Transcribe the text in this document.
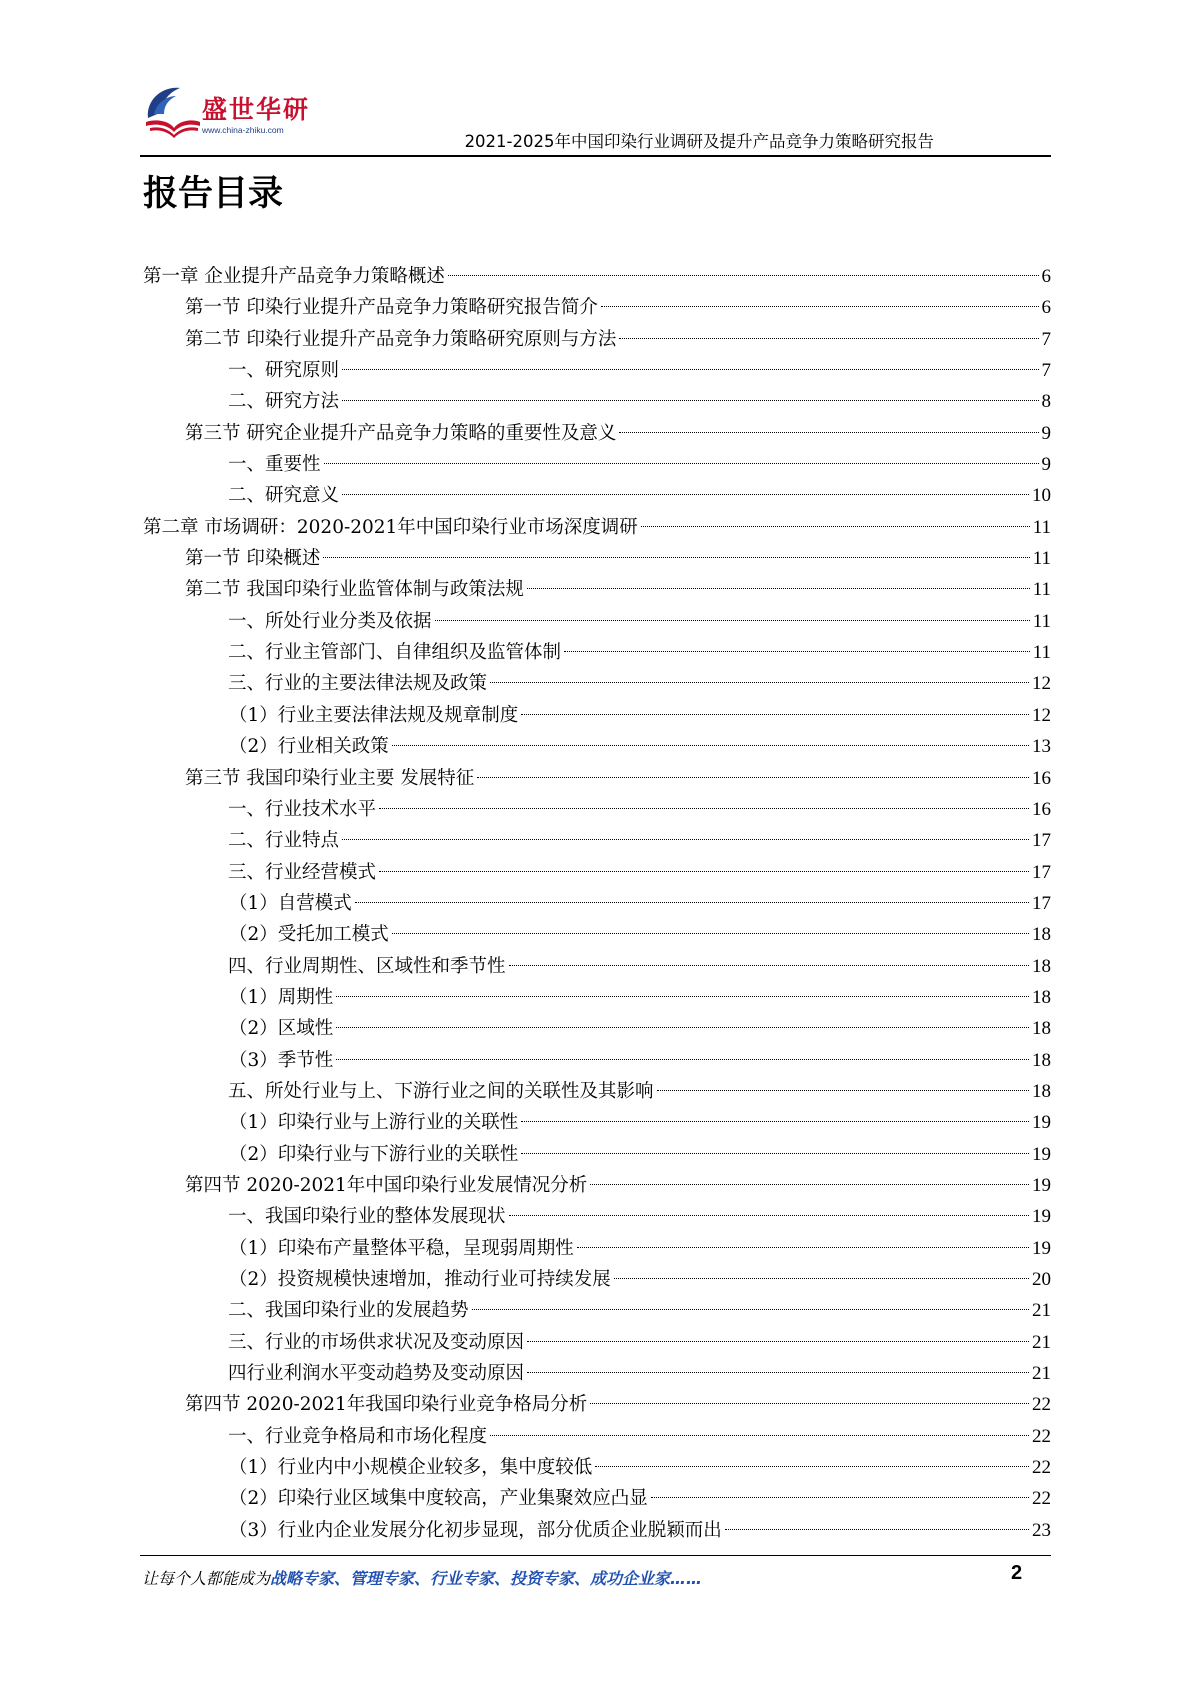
盛世华研
www.china-zhiku.com
2021-2025年中国印染行业调研及提升产品竞争力策略研究报告
报告目录
第一章 企业提升产品竞争力策略概述	6
第一节 印染行业提升产品竞争力策略研究报告简介	6
第二节 印染行业提升产品竞争力策略研究原则与方法	7
一、研究原则	7
二、研究方法	8
第三节 研究企业提升产品竞争力策略的重要性及意义	9
一、重要性	9
二、研究意义	10
第二章 市场调研：2020-2021年中国印染行业市场深度调研	11
第一节 印染概述	11
第二节 我国印染行业监管体制与政策法规	11
一、所处行业分类及依据	11
二、行业主管部门、自律组织及监管体制	11
三、行业的主要法律法规及政策	12
（1）行业主要法律法规及规章制度	12
（2）行业相关政策	13
第三节 我国印染行业主要 发展特征	16
一、行业技术水平	16
二、行业特点	17
三、行业经营模式	17
（1）自营模式	17
（2）受托加工模式	18
四、行业周期性、区域性和季节性	18
（1）周期性	18
（2）区域性	18
（3）季节性	18
五、所处行业与上、下游行业之间的关联性及其影响	18
（1）印染行业与上游行业的关联性	19
（2）印染行业与下游行业的关联性	19
第四节 2020-2021年中国印染行业发展情况分析	19
一、我国印染行业的整体发展现状	19
（1）印染布产量整体平稳，呈现弱周期性	19
（2）投资规模快速增加，推动行业可持续发展	20
二、我国印染行业的发展趋势	21
三、行业的市场供求状况及变动原因	21
四行业利润水平变动趋势及变动原因	21
第四节 2020-2021年我国印染行业竞争格局分析	22
一、行业竞争格局和市场化程度	22
（1）行业内中小规模企业较多，集中度较低	22
（2）印染行业区域集中度较高，产业集聚效应凸显	22
（3）行业内企业发展分化初步显现，部分优质企业脱颖而出	23
让每个人都能成为战略专家、管理专家、行业专家、投资专家、成功企业家……	2
